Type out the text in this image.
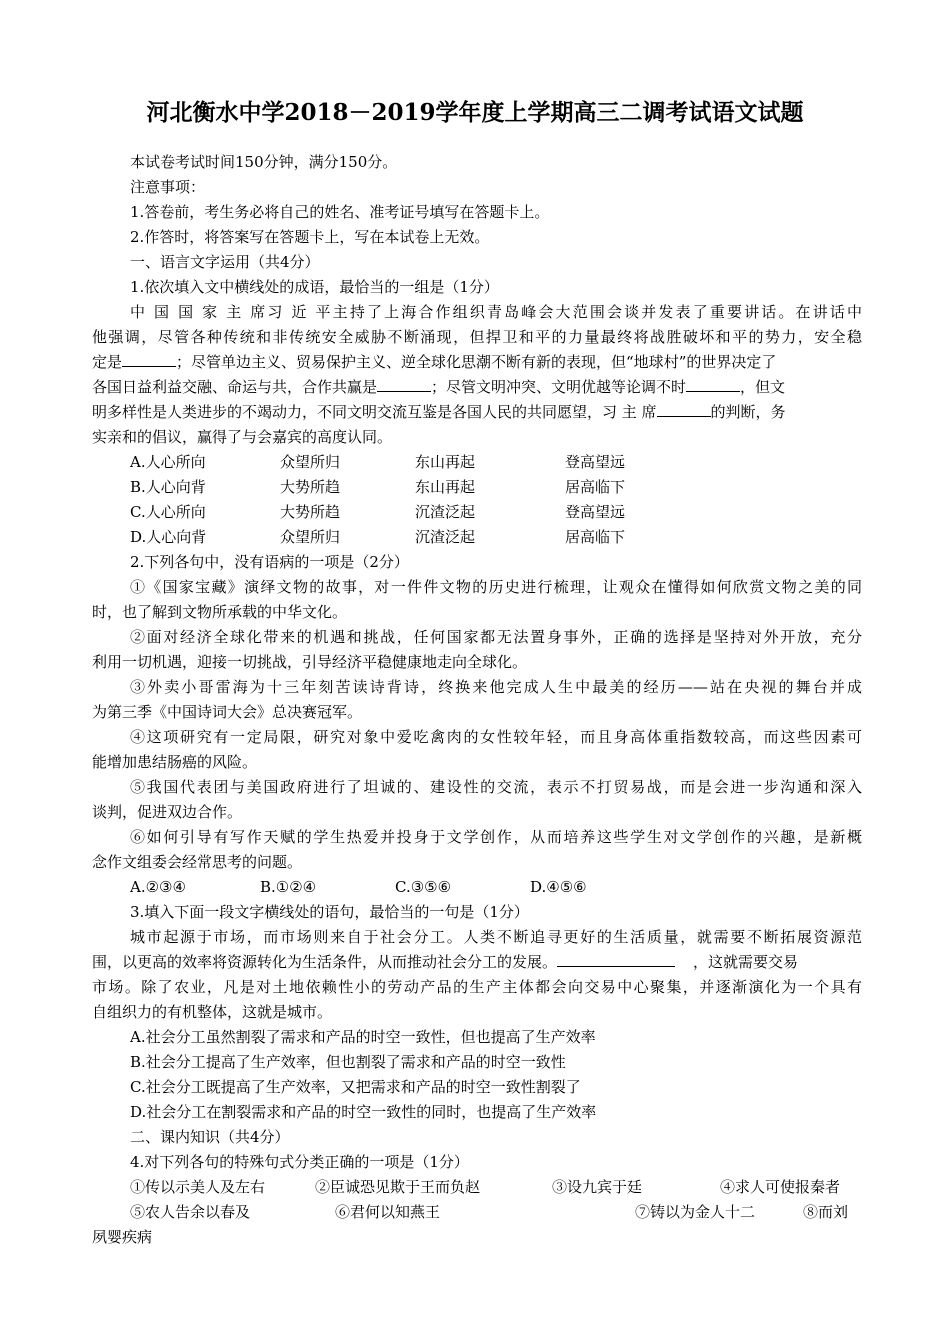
河北衡水中学2018－2019学年度上学期高三二调考试语文试题
本试卷考试时间150分钟，满分150分。
注意事项：
1.答卷前，考生务必将自己的姓名、准考证号填写在答题卡上。
2.作答时，将答案写在答题卡上，写在本试卷上无效。
一、语言文字运用（共4分）
1.依次填入文中横线处的成语，最恰当的一组是（1分）
中 国 国 家 主 席习 近 平主持了上海合作组织青岛峰会大范围会谈并发表了重要讲话。在讲话中
他强调，尽管各种传统和非传统安全威胁不断涌现，但捍卫和平的力量最终将战胜破坏和平的势力，安全稳
定是	；尽管单边主义、贸易保护主义、逆全球化思潮不断有新的表现，但“地球村”的世界决定了
各国日益利益交融、命运与共，合作共赢是	；尽管文明冲突、文明优越等论调不时	，但文
明多样性是人类进步的不竭动力，不同文明交流互鉴是各国人民的共同愿望，习 主 席	的判断，务
实亲和的倡议，赢得了与会嘉宾的高度认同。
A.人心所向	众望所归	东山再起	登高望远
B.人心向背	大势所趋	东山再起	居高临下
C.人心所向	大势所趋	沉渣泛起	登高望远
D.人心向背	众望所归	沉渣泛起	居高临下
2.下列各句中，没有语病的一项是（2分）
①《国家宝藏》演绎文物的故事，对一件件文物的历史进行梳理，让观众在懂得如何欣赏文物之美的同
时，也了解到文物所承载的中华文化。
②面对经济全球化带来的机遇和挑战，任何国家都无法置身事外，正确的选择是坚持对外开放，充分
利用一切机遇，迎接一切挑战，引导经济平稳健康地走向全球化。
③外卖小哥雷海为十三年刻苦读诗背诗，终换来他完成人生中最美的经历——站在央视的舞台并成
为第三季《中国诗词大会》总决赛冠军。
④这项研究有一定局限，研究对象中爱吃禽肉的女性较年轻，而且身高体重指数较高，而这些因素可
能增加患结肠癌的风险。
⑤我国代表团与美国政府进行了坦诚的、建设性的交流，表示不打贸易战，而是会进一步沟通和深入
谈判，促进双边合作。
⑥如何引导有写作天赋的学生热爱并投身于文学创作，从而培养这些学生对文学创作的兴趣，是新概
念作文组委会经常思考的问题。
A.②③④	B.①②④	C.③⑤⑥	D.④⑤⑥
3.填入下面一段文字横线处的语句，最恰当的一句是（1分）
城市起源于市场，而市场则来自于社会分工。人类不断追寻更好的生活质量，就需要不断拓展资源范
围，以更高的效率将资源转化为生活条件，从而推动社会分工的发展。	，这就需要交易
市场。除了农业，凡是对土地依赖性小的劳动产品的生产主体都会向交易中心聚集，并逐渐演化为一个具有
自组织力的有机整体，这就是城市。
A.社会分工虽然割裂了需求和产品的时空一致性，但也提高了生产效率
B.社会分工提高了生产效率，但也割裂了需求和产品的时空一致性
C.社会分工既提高了生产效率，又把需求和产品的时空一致性割裂了
D.社会分工在割裂需求和产品的时空一致性的同时，也提高了生产效率
二、课内知识（共4分）
4.对下列各句的特殊句式分类正确的一项是（1分）
①传以示美人及左右	②臣诚恐见欺于王而负赵	③设九宾于廷	④求人可使报秦者
⑤农人告余以春及	⑥君何以知燕王	⑦铸以为金人十二	⑧而刘
夙婴疾病
